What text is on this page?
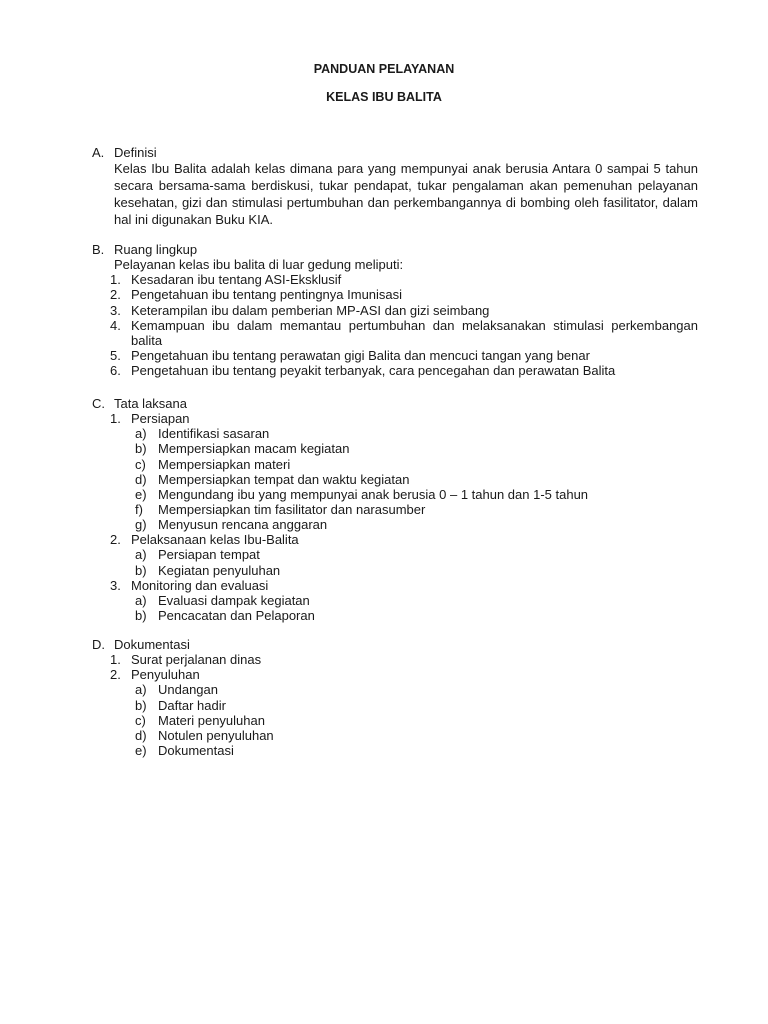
PANDUAN PELAYANAN
KELAS IBU BALITA
A. Definisi
Kelas Ibu Balita adalah kelas dimana para yang mempunyai anak berusia Antara 0 sampai 5 tahun secara bersama-sama berdiskusi, tukar pendapat, tukar pengalaman akan pemenuhan pelayanan kesehatan, gizi dan stimulasi pertumbuhan dan perkembangannya di bombing oleh fasilitator, dalam hal ini digunakan Buku KIA.
B. Ruang lingkup
Pelayanan kelas ibu balita di luar gedung meliputi:
1. Kesadaran ibu tentang ASI-Eksklusif
2. Pengetahuan ibu tentang pentingnya Imunisasi
3. Keterampilan ibu dalam pemberian MP-ASI dan gizi seimbang
4. Kemampuan ibu dalam memantau pertumbuhan dan melaksanakan stimulasi perkembangan balita
5. Pengetahuan ibu tentang perawatan gigi Balita dan mencuci tangan yang benar
6. Pengetahuan ibu tentang peyakit terbanyak, cara pencegahan dan perawatan Balita
C. Tata laksana
1. Persiapan
a) Identifikasi sasaran
b) Mempersiapkan macam kegiatan
c) Mempersiapkan materi
d) Mempersiapkan tempat dan waktu kegiatan
e) Mengundang ibu yang mempunyai anak berusia 0 – 1 tahun dan 1-5 tahun
f) Mempersiapkan tim fasilitator dan narasumber
g) Menyusun rencana anggaran
2. Pelaksanaan kelas Ibu-Balita
a) Persiapan tempat
b) Kegiatan penyuluhan
3. Monitoring dan evaluasi
a) Evaluasi dampak kegiatan
b) Pencacatan dan Pelaporan
D. Dokumentasi
1. Surat perjalanan dinas
2. Penyuluhan
a) Undangan
b) Daftar hadir
c) Materi penyuluhan
d) Notulen penyuluhan
e) Dokumentasi
